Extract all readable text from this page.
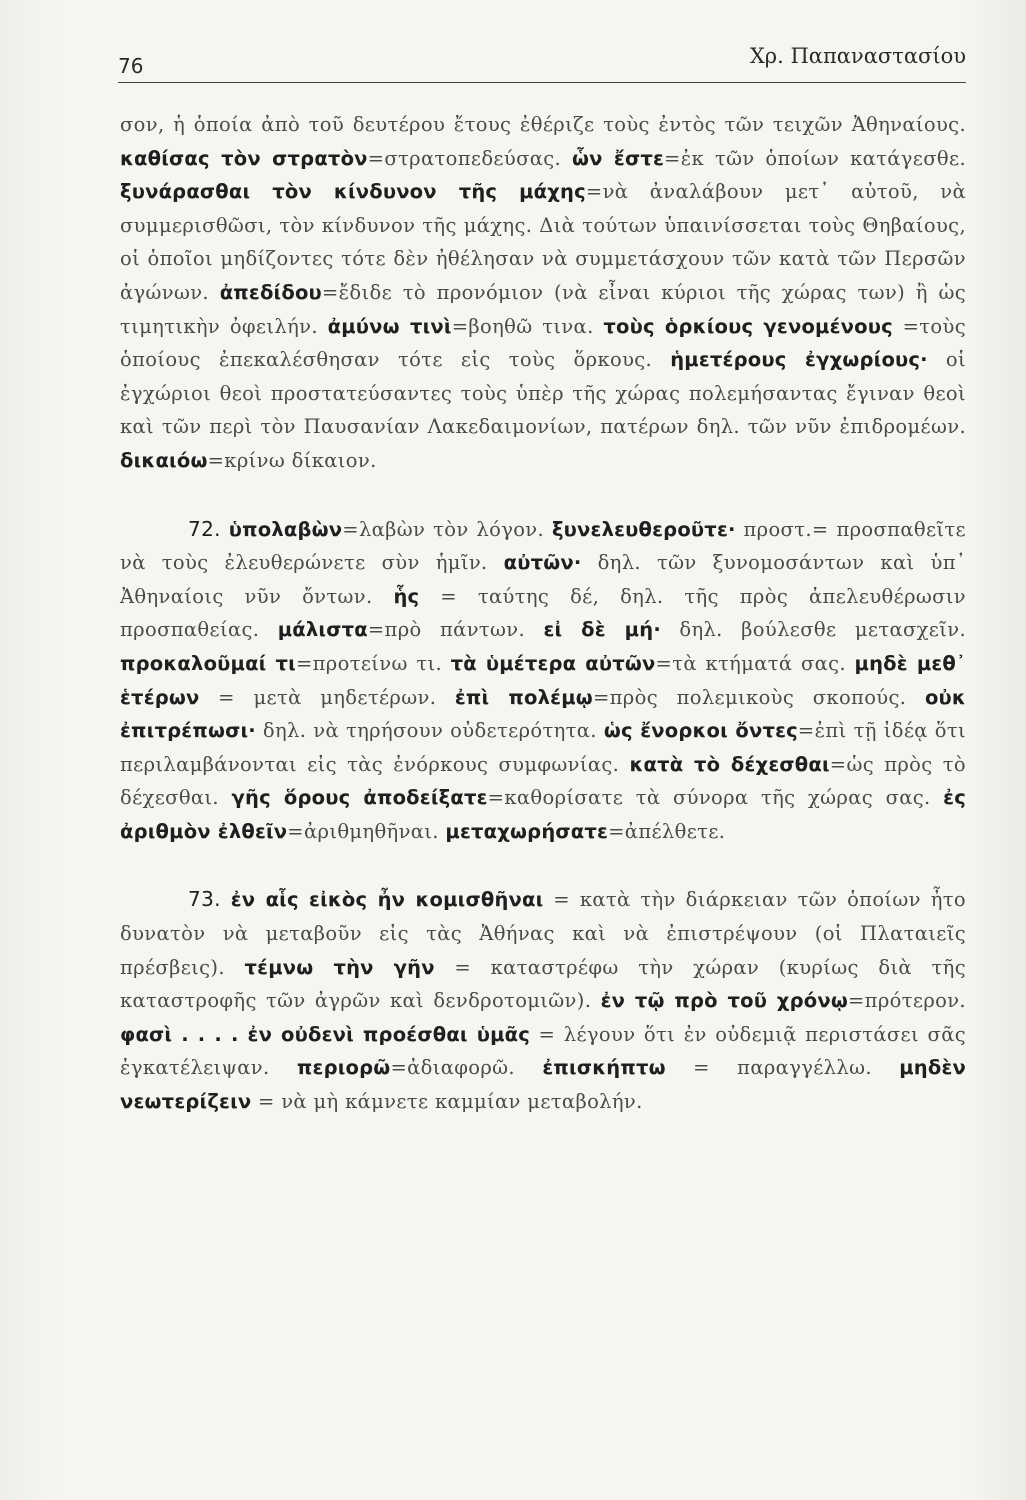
76	Χρ. Παπαναστασίου

σον, ἡ ὁποία ἀπὸ τοῦ δευτέρου ἔτους ἐθέριζε τοὺς ἐντὸς τῶν τειχῶν Ἀθηναίους. καθίσας τὸν στρατὸν=στρατοπεδεύσας. ὧν ἔστε=ἐκ τῶν ὁποίων κατάγεσθε. ξυνάρασθαι τὸν κίνδυνον τῆς μάχης=νὰ ἀναλάβουν μετ᾽ αὐτοῦ, νὰ συμμερισθῶσι, τὸν κίνδυνον τῆς μάχης. Διὰ τούτων ὑπαινίσσεται τοὺς Θηβαίους, οἱ ὁποῖοι μηδίζοντες τότε δὲν ἠθέλησαν νὰ συμμετάσχουν τῶν κατὰ τῶν Περσῶν ἀγώνων. ἀπεδίδου=ἔδιδε τὸ προνόμιον (νὰ εἶναι κύριοι τῆς χώρας των) ἢ ὡς τιμητικὴν ὀφειλήν. ἀμύνω τινὶ=βοηθῶ τινα. τοὺς ὁρκίους γενομένους =τοὺς ὁποίους ἐπεκαλέσθησαν τότε εἰς τοὺς ὅρκους. ἡμετέρους ἐγχωρίους· οἱ ἐγχώριοι θεοὶ προστατεύσαντες τοὺς ὑπὲρ τῆς χώρας πολεμήσαντας ἔγιναν θεοὶ καὶ τῶν περὶ τὸν Παυσανίαν Λακεδαιμονίων, πατέρων δηλ. τῶν νῦν ἐπιδρομέων. δικαιόω=κρίνω δίκαιον.

72. ὑπολαβὼν=λαβὼν τὸν λόγον. ξυνελευθεροῦτε· προστ.= προσπαθεῖτε νὰ τοὺς ἐλευθερώνετε σὺν ἡμῖν. αὐτῶν· δηλ. τῶν ξυνομοσάντων καὶ ὑπ᾽ Ἀθηναίοις νῦν ὄντων. ἧς = ταύτης δέ, δηλ. τῆς πρὸς ἀπελευθέρωσιν προσπαθείας. μάλιστα=πρὸ πάντων. εἰ δὲ μή· δηλ. βούλεσθε μετασχεῖν. προκαλοῦμαί τι=προτείνω τι. τὰ ὑμέτερα αὐτῶν=τὰ κτήματά σας. μηδὲ μεθ᾽ ἑτέρων = μετὰ μηδετέρων. ἐπὶ πολέμῳ=πρὸς πολεμικοὺς σκοπούς. οὐκ ἐπιτρέπωσι· δηλ. νὰ τηρήσουν οὐδετερότητα. ὡς ἔνορκοι ὄντες=ἐπὶ τῇ ἰδέᾳ ὅτι περιλαμβάνονται εἰς τὰς ἐνόρκους συμφωνίας. κατὰ τὸ δέχεσθαι=ὡς πρὸς τὸ δέχεσθαι. γῆς ὅρους ἀποδείξατε=καθορίσατε τὰ σύνορα τῆς χώρας σας. ἐς ἀριθμὸν ἐλθεῖν=ἀριθμηθῆναι. μεταχωρήσατε=ἀπέλθετε.

73. ἐν αἷς εἰκὸς ἦν κομισθῆναι = κατὰ τὴν διάρκειαν τῶν ὁποίων ἦτο δυνατὸν νὰ μεταβοῦν εἰς τὰς Ἀθήνας καὶ νὰ ἐπιστρέψουν (οἱ Πλαταιεῖς πρέσβεις). τέμνω τὴν γῆν = καταστρέφω τὴν χώραν (κυρίως διὰ τῆς καταστροφῆς τῶν ἀγρῶν καὶ δενδροτομιῶν). ἐν τῷ πρὸ τοῦ χρόνῳ=πρότερον. φασὶ . . . . ἐν οὐδενὶ προέσθαι ὑμᾶς = λέγουν ὅτι ἐν οὐδεμιᾷ περιστάσει σᾶς ἐγκατέλειψαν. περιορῶ=ἀδιαφορῶ. ἐπισκήπτω = παραγγέλλω. μηδὲν νεωτερίζειν = νὰ μὴ κάμνετε καμμίαν μεταβολήν.
